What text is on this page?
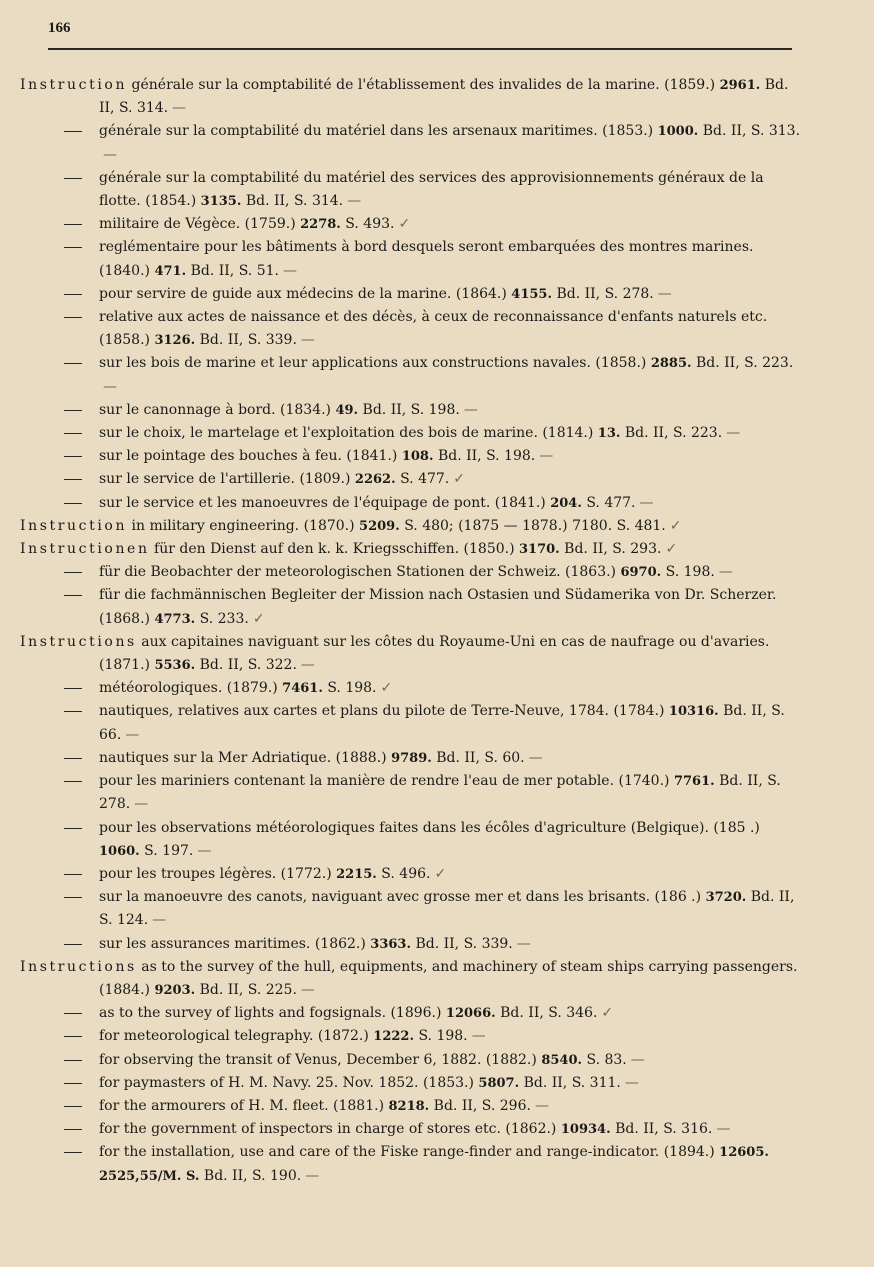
166
Instruction générale sur la comptabilité de l'établissement des invalides de la marine. (1859.) 2961. Bd. II, S. 314. —
générale sur la comptabilité du matériel dans les arsenaux maritimes. (1853.) 1000. Bd. II, S. 313.—
générale sur la comptabilité du matériel des services des approvisionnements généraux de la flotte. (1854.) 3135. Bd. II, S. 314. —
militaire de Végèce. (1759.) 2278. S. 493. ✓
reglémentaire pour les bâtiments à bord desquels seront embarquées des montres marines. (1840.) 471. Bd. II, S. 51. —
pour servire de guide aux médecins de la marine. (1864.) 4155. Bd. II, S. 278. —
relative aux actes de naissance et des décès, à ceux de reconnaissance d'enfants naturels etc. (1858.) 3126. Bd. II, S. 339. —
sur les bois de marine et leur applications aux constructions navales. (1858.) 2885. Bd. II, S. 223.—
sur le canonnage à bord. (1834.) 49. Bd. II, S. 198. —
sur le choix, le martelage et l'exploitation des bois de marine. (1814.) 13. Bd. II, S. 223. —
sur le pointage des bouches à feu. (1841.) 108. Bd. II, S. 198. —
sur le service de l'artillerie. (1809.) 2262. S. 477. ✓
sur le service et les manoeuvres de l'équipage de pont. (1841.) 204. S. 477. —
Instruction in military engineering. (1870.) 5209. S. 480; (1875 — 1878.) 7180. S. 481. ✓
Instructionen für den Dienst auf den k. k. Kriegsschiffen. (1850.) 3170. Bd. II, S. 293. ✓
für die Beobachter der meteorologischen Stationen der Schweiz. (1863.) 6970. S. 198. —
für die fachmännischen Begleiter der Mission nach Ostasien und Südamerika von Dr. Scherzer. (1868.) 4773. S. 233. ✓
Instructions aux capitaines naviguant sur les côtes du Royaume-Uni en cas de naufrage ou d'avaries. (1871.) 5536. Bd. II, S. 322. —
météorologiques. (1879.) 7461. S. 198. ✓
nautiques, relatives aux cartes et plans du pilote de Terre-Neuve, 1784. (1784.) 10316. Bd. II, S. 66. —
nautiques sur la Mer Adriatique. (1888.) 9789. Bd. II, S. 60. —
pour les mariniers contenant la manière de rendre l'eau de mer potable. (1740.) 7761. Bd. II, S. 278. —
pour les observations météorologiques faites dans les écôles d'agriculture (Belgique). (185 .) 1060. S. 197. —
pour les troupes légères. (1772.) 2215. S. 496. ✓
sur la manoeuvre des canots, naviguant avec grosse mer et dans les brisants. (186 .) 3720. Bd. II, S. 124. —
sur les assurances maritimes. (1862.) 3363. Bd. II, S. 339. —
Instructions as to the survey of the hull, equipments, and machinery of steam ships carrying passengers. (1884.) 9203. Bd. II, S. 225. —
as to the survey of lights and fogsignals. (1896.) 12066. Bd. II, S. 346. ✓
for meteorological telegraphy. (1872.) 1222. S. 198. —
for observing the transit of Venus, December 6, 1882. (1882.) 8540. S. 83. —
for paymasters of H. M. Navy. 25. Nov. 1852. (1853.) 5807. Bd. II, S. 311. —
for the armourers of H. M. fleet. (1881.) 8218. Bd. II, S. 296. —
for the government of inspectors in charge of stores etc. (1862.) 10934. Bd. II, S. 316. —
for the installation, use and care of the Fiske range-finder and range-indicator. (1894.) 12605. 2525,55/M. S. Bd. II, S. 190. —
